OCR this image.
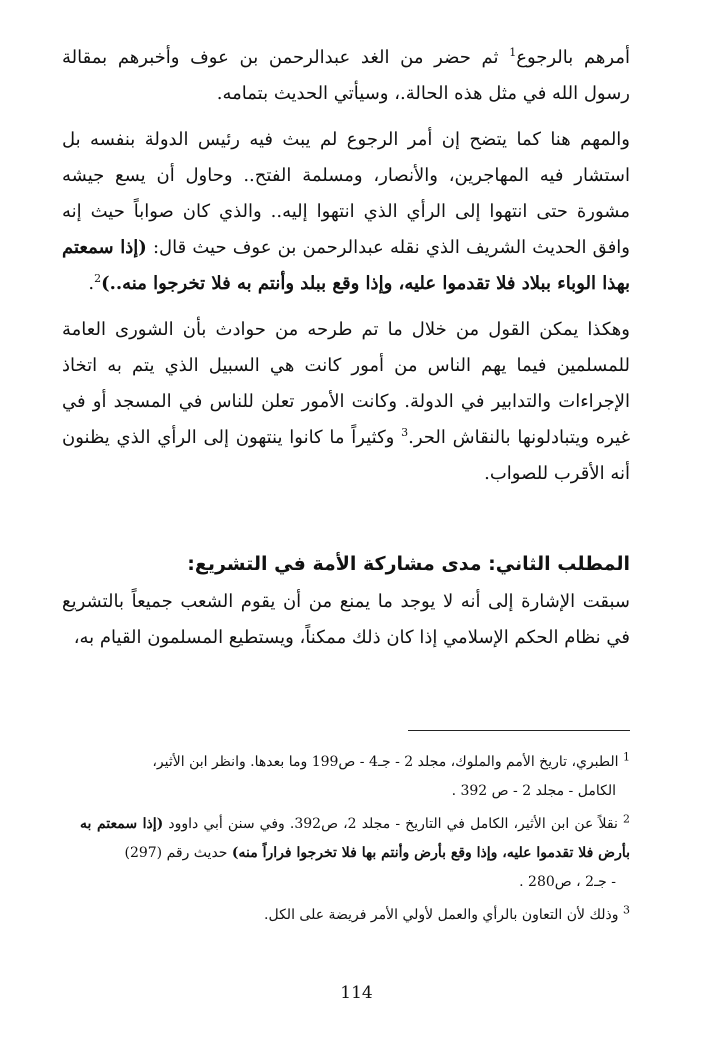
أمرهم بالرجوع$^1$ ثم حضر من الغد عبدالرحمن بن عوف وأخبرهم بمقالة رسول الله في مثل هذه الحالة.، وسيأتي الحديث بتمامه.

والمهم هنا كما يتضح إن أمر الرجوع لم يبث فيه رئيس الدولة بنفسه بل استشار فيه المهاجرين، والأنصار، ومسلمة الفتح.. وحاول أن يسع جيشه مشورة حتى انتهوا إلى الرأي الذي انتهوا إليه.. والذي كان صواباً حيث إنه وافق الحديث الشريف الذي نقله عبدالرحمن بن عوف حيث قال: (إذا سمعتم بهذا الوباء ببلاد فلا تقدموا عليه، وإذا وقع ببلد وأنتم به فلا تخرجوا منه..)$^2$.

وهكذا يمكن القول من خلال ما تم طرحه من حوادث بأن الشورى العامة للمسلمين فيما يهم الناس من أمور كانت هي السبيل الذي يتم به اتخاذ الإجراءات والتدابير في الدولة. وكانت الأمور تعلن للناس في المسجد أو في غيره ويتبادلونها بالنقاش الحر.$^3$ وكثيراً ما كانوا ينتهون إلى الرأي الذي يظنون أنه الأقرب للصواب.

المطلب الثاني: مدى مشاركة الأمة في التشريع:

سبقت الإشارة إلى أنه لا يوجد ما يمنع من أن يقوم الشعب جميعاً بالتشريع في نظام الحكم الإسلامي إذا كان ذلك ممكناً، ويستطيع المسلمون القيام به،

$^1$ الطبري، تاريخ الأمم والملوك، مجلد 2 - جـ4 - ص199 وما بعدها. وانظر ابن الأثير،
الكامل - مجلد 2 - ص 392 .

$^2$ نقلاً عن ابن الأثير، الكامل في التاريخ - مجلد 2، ص392. وفي سنن أبي داوود (إذا سمعتم به بأرض فلا تقدموا عليه، وإذا وقع بأرض وأنتم بها فلا تخرجوا فراراً منه) حديث رقم (297)
- جـ2 ، ص280 .

$^3$ وذلك لأن التعاون بالرأي والعمل لأولي الأمر فريضة على الكل.

114
